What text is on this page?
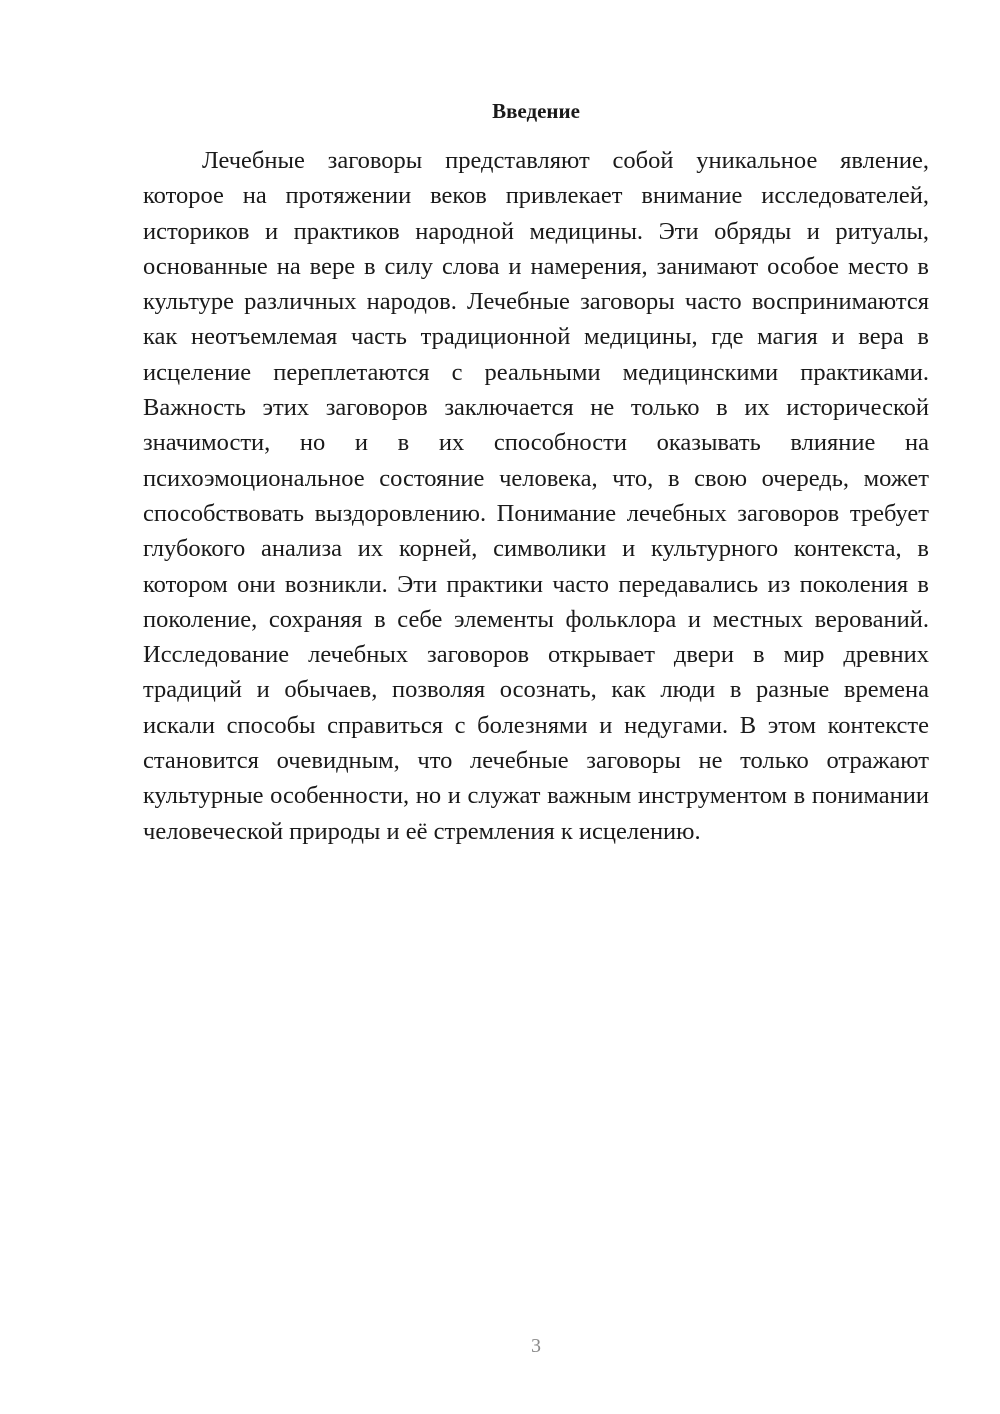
Введение

Лечебные заговоры представляют собой уникальное явление, которое на протяжении веков привлекает внимание исследователей, историков и практиков народной медицины. Эти обряды и ритуалы, основанные на вере в силу слова и намерения, занимают особое место в культуре различных народов. Лечебные заговоры часто воспринимаются как неотъемлемая часть традиционной медицины, где магия и вера в исцеление переплетаются с реальными медицинскими практиками. Важность этих заговоров заключается не только в их исторической значимости, но и в их способности оказывать влияние на психоэмоциональное состояние человека, что, в свою очередь, может способствовать выздоровлению. Понимание лечебных заговоров требует глубокого анализа их корней, символики и культурного контекста, в котором они возникли. Эти практики часто передавались из поколения в поколение, сохраняя в себе элементы фольклора и местных верований. Исследование лечебных заговоров открывает двери в мир древних традиций и обычаев, позволяя осознать, как люди в разные времена искали способы справиться с болезнями и недугами. В этом контексте становится очевидным, что лечебные заговоры не только отражают культурные особенности, но и служат важным инструментом в понимании человеческой природы и её стремления к исцелению.

3
